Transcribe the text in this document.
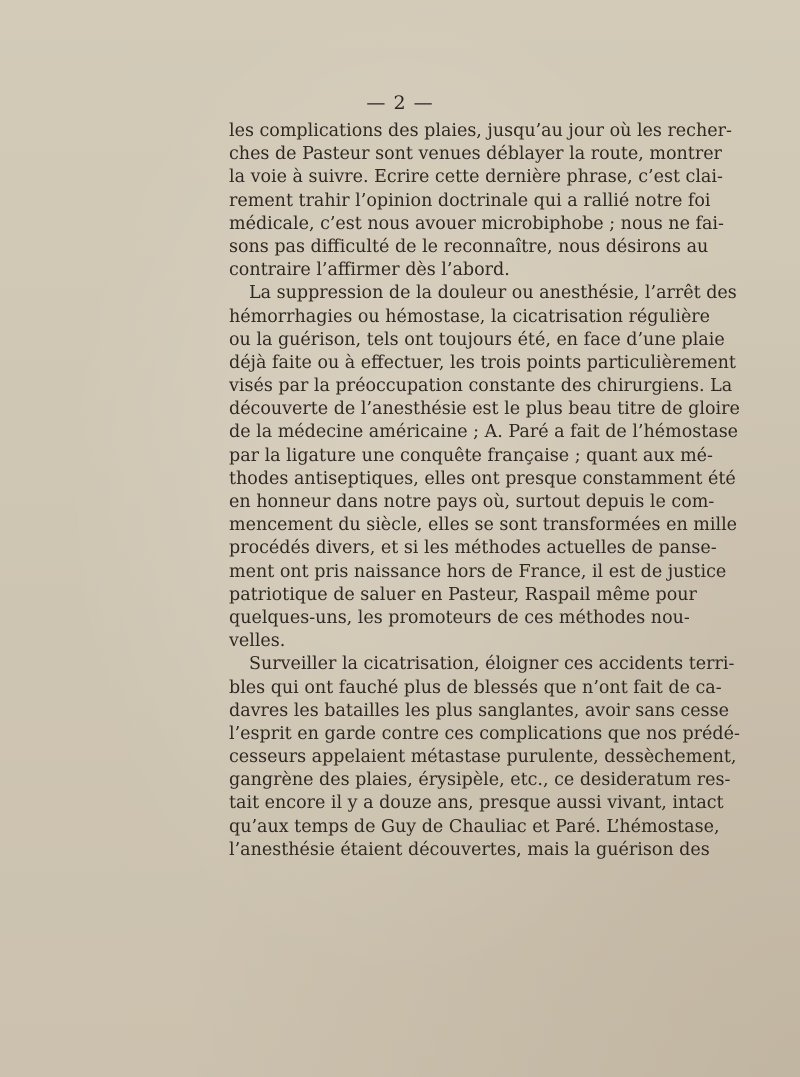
— 2 —
les complications des plaies, jusqu’au jour où les recher-
ches de Pasteur sont venues déblayer la route, montrer
la voie à suivre. Ecrire cette dernière phrase, c’est clai-
rement trahir l’opinion doctrinale qui a rallié notre foi
médicale, c’est nous avouer microbiphobe ; nous ne fai-
sons pas difficulté de le reconnaître, nous désirons au
contraire l’affirmer dès l’abord.
La suppression de la douleur ou anesthésie, l’arrêt des
hémorrhagies ou hémostase, la cicatrisation régulière
ou la guérison, tels ont toujours été, en face d’une plaie
déjà faite ou à effectuer, les trois points particulièrement
visés par la préoccupation constante des chirurgiens. La
découverte de l’anesthésie est le plus beau titre de gloire
de la médecine américaine ; A. Paré a fait de l’hémostase
par la ligature une conquête française ; quant aux mé-
thodes antiseptiques, elles ont presque constamment été
en honneur dans notre pays où, surtout depuis le com-
mencement du siècle, elles se sont transformées en mille
procédés divers, et si les méthodes actuelles de panse-
ment ont pris naissance hors de France, il est de justice
patriotique de saluer en Pasteur, Raspail même pour
quelques-uns, les promoteurs de ces méthodes nou-
velles.
Surveiller la cicatrisation, éloigner ces accidents terri-
bles qui ont fauché plus de blessés que n’ont fait de ca-
davres les batailles les plus sanglantes, avoir sans cesse
l’esprit en garde contre ces complications que nos prédé-
cesseurs appelaient métastase purulente, dessèchement,
gangrène des plaies, érysipèle, etc., ce desideratum res-
tait encore il y a douze ans, presque aussi vivant, intact
qu’aux temps de Guy de Chauliac et Paré. L’hémostase,
l’anesthésie étaient découvertes, mais la guérison des
